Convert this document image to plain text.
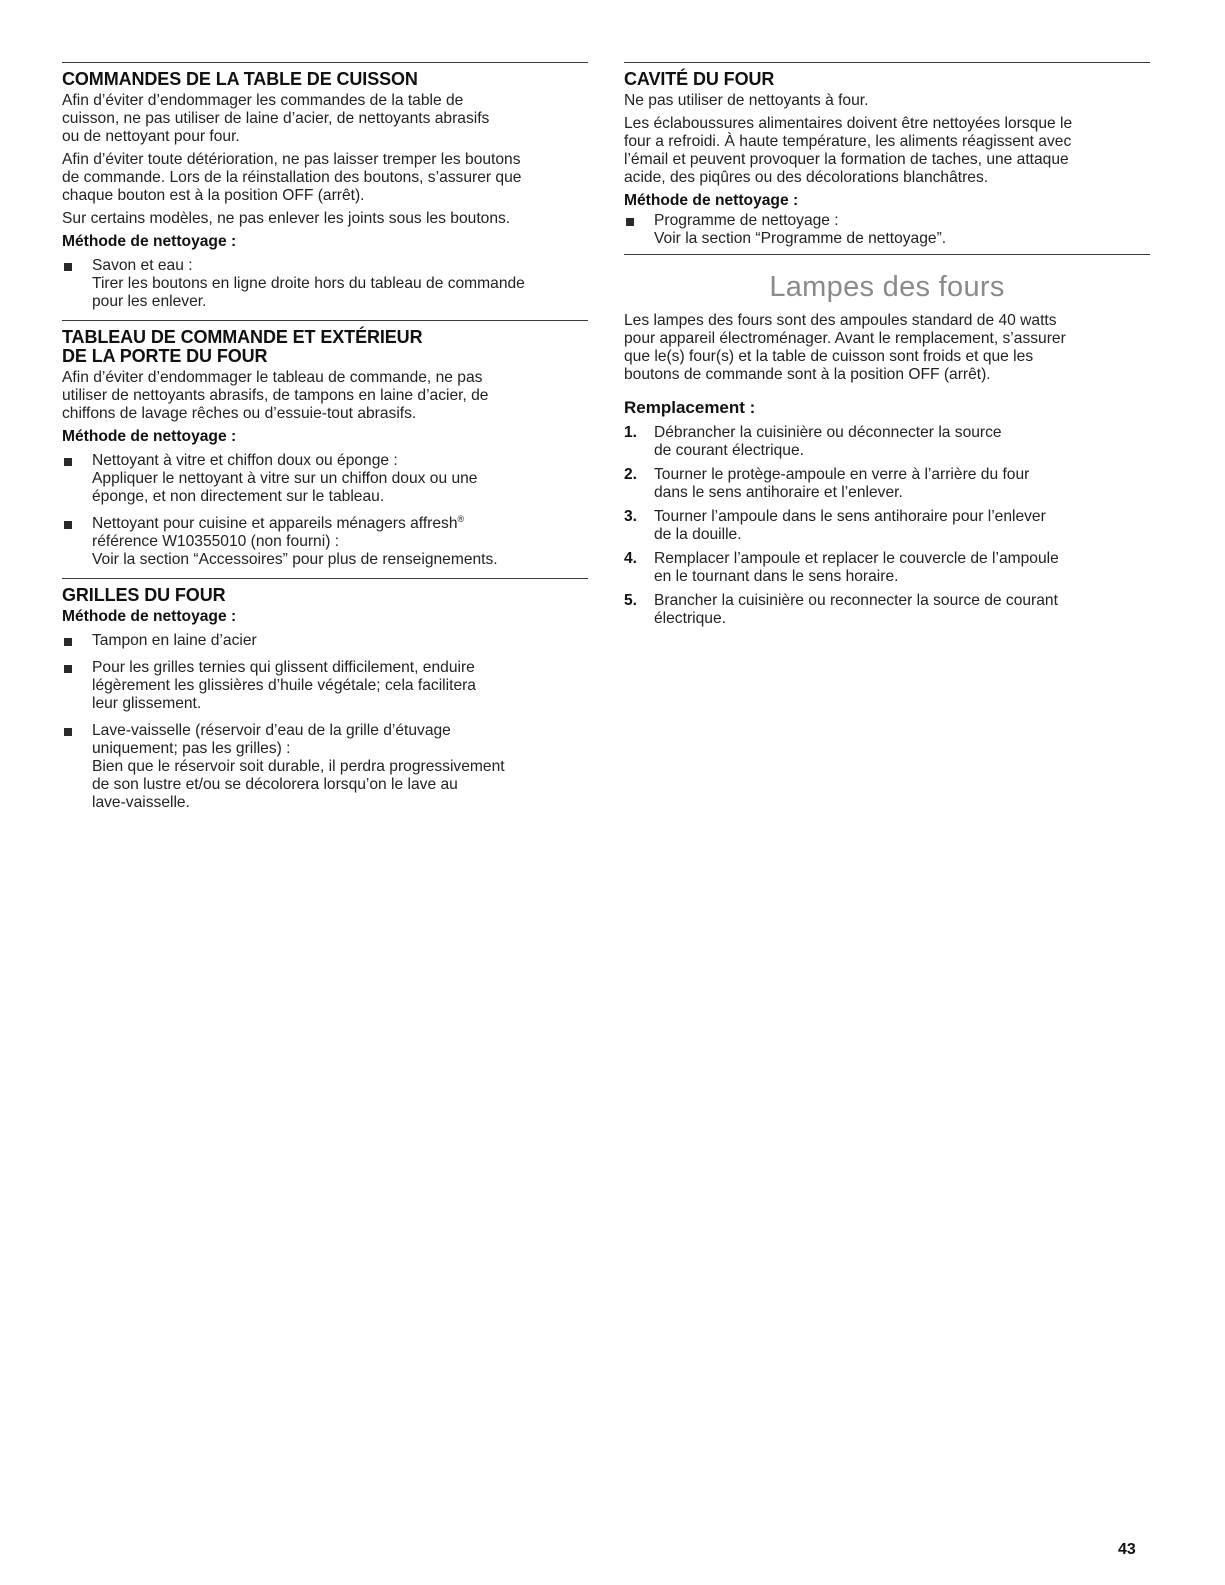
COMMANDES DE LA TABLE DE CUISSON

Afin d’éviter d’endommager les commandes de la table de
cuisson, ne pas utiliser de laine d’acier, de nettoyants abrasifs
ou de nettoyant pour four.

Afin d’éviter toute détérioration, ne pas laisser tremper les boutons
de commande. Lors de la réinstallation des boutons, s’assurer que
chaque bouton est à la position OFF (arrêt).

Sur certains modèles, ne pas enlever les joints sous les boutons.

Méthode de nettoyage :
Savon et eau :
Tirer les boutons en ligne droite hors du tableau de commande
pour les enlever.
TABLEAU DE COMMANDE ET EXTÉRIEUR
DE LA PORTE DU FOUR

Afin d’éviter d’endommager le tableau de commande, ne pas
utiliser de nettoyants abrasifs, de tampons en laine d’acier, de
chiffons de lavage rêches ou d’essuie-tout abrasifs.

Méthode de nettoyage :
Nettoyant à vitre et chiffon doux ou éponge :
Appliquer le nettoyant à vitre sur un chiffon doux ou une
éponge, et non directement sur le tableau.
Nettoyant pour cuisine et appareils ménagers affresh®
référence W10355010 (non fourni) :
Voir la section “Accessoires” pour plus de renseignements.
GRILLES DU FOUR
Méthode de nettoyage :
Tampon en laine d’acier
Pour les grilles ternies qui glissent difficilement, enduire
légèrement les glissières d’huile végétale; cela facilitera
leur glissement.
Lave-vaisselle (réservoir d’eau de la grille d’étuvage
uniquement; pas les grilles) :
Bien que le réservoir soit durable, il perdra progressivement
de son lustre et/ou se décolorera lorsqu’on le lave au
lave-vaisselle.
CAVITÉ DU FOUR

Ne pas utiliser de nettoyants à four.

Les éclaboussures alimentaires doivent être nettoyées lorsque le
four a refroidi. À haute température, les aliments réagissent avec
l’émail et peuvent provoquer la formation de taches, une attaque
acide, des piqûres ou des décolorations blanchâtres.

Méthode de nettoyage :
Programme de nettoyage :
Voir la section “Programme de nettoyage”.
Lampes des fours

Les lampes des fours sont des ampoules standard de 40 watts
pour appareil électroménager. Avant le remplacement, s’assurer
que le(s) four(s) et la table de cuisson sont froids et que les
boutons de commande sont à la position OFF (arrêt).

Remplacement :
1. Débrancher la cuisinière ou déconnecter la source
de courant électrique.
2. Tourner le protège-ampoule en verre à l’arrière du four
dans le sens antihoraire et l’enlever.
3. Tourner l’ampoule dans le sens antihoraire pour l’enlever
de la douille.
4. Remplacer l’ampoule et replacer le couvercle de l’ampoule
en le tournant dans le sens horaire.
5. Brancher la cuisinière ou reconnecter la source de courant
électrique.
43
